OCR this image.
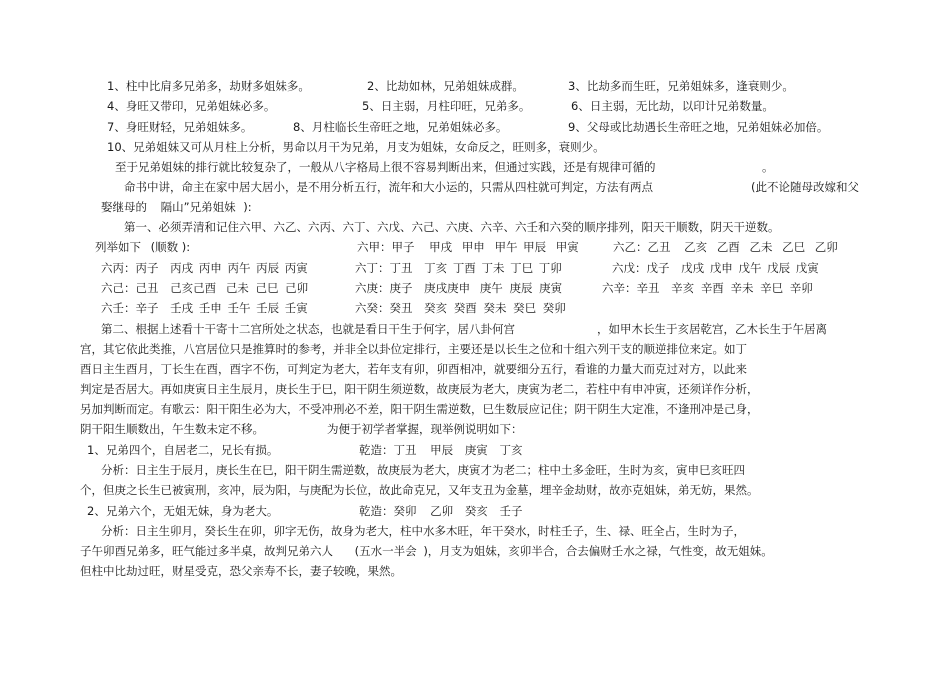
1、柱中比肩多兄弟多，劫财多姐妹多。	2、比劫如林，兄弟姐妹成群。	3、比劫多而生旺，兄弟姐妹多，逢衰则少。
4、身旺又带印，兄弟姐妹必多。	5、日主弱，月柱印旺，兄弟多。	6、日主弱，无比劫，以印计兄弟数量。
7、身旺财轻，兄弟姐妹多。	8、月柱临长生帝旺之地，兄弟姐妹必多。	9、父母或比劫遇长生帝旺之地，兄弟姐妹必加倍。
10、兄弟姐妹又可从月柱上分析，男命以月干为兄弟，月支为姐妹，女命反之，旺则多，衰则少。
至于兄弟姐妹的排行就比较复杂了，一般从八字格局上很不容易判断出来，但通过实践，还是有规律可循的	。
命书中讲，命主在家中居大居小，是不用分析五行，流年和大小运的，只需从四柱就可判定，方法有两点	(此不论随母改嫁和父
娶继母的 隔山”兄弟姐妹 ):
第一、必须弄清和记住六甲、六乙、六丙、六丁、六戊、六己、六庚、六辛、六壬和六癸的顺序排列，阳天干顺数，阴天干逆数。
列举如下 (顺数 ):	六甲：甲子 甲戌 甲申 甲午 甲辰 甲寅	六乙：乙丑 乙亥 乙酉 乙未 乙巳 乙卯
六丙：丙子 丙戌 丙申 丙午 丙辰 丙寅	六丁：丁丑 丁亥 丁酉 丁未 丁巳 丁卯	六戊：戊子 戊戌 戊申 戊午 戊辰 戊寅
六己：己丑 己亥己酉 己未 己巳 己卯	六庚：庚子 庚戌庚申 庚午 庚辰 庚寅	六辛：辛丑 辛亥 辛酉 辛未 辛巳 辛卯
六壬：辛子 壬戌 壬申 壬午 壬辰 壬寅	六癸：癸丑 癸亥 癸酉 癸未 癸巳 癸卯
第二、根据上述看十干寄十二宫所处之状态，也就是看日干生于何字，居八卦何宫	，如甲木长生于亥居乾宫，乙木长生于午居离
宫，其它依此类推，八宫居位只是推算时的参考，并非全以卦位定排行，主要还是以长生之位和十组六列干支的顺逆排位来定。如丁
酉日主生酉月，丁长生在酉，酉字不伤，可判定为老大，若年支有卯，卯酉相冲，就要细分五行，看谁的力量大而克过对方，以此来
判定是否居大。再如庚寅日主生辰月，庚长生于巳，阳干阴生须逆数，故庚辰为老大，庚寅为老二，若柱中有申冲寅，还须详作分析，
另加判断而定。有歌云：阳干阳生必为大，不受冲刑必不差，阳干阴生需逆数，巳生数辰应记住；阴干阴生大定准，不逢刑冲是己身，
阴干阳生顺数出，午生数未定不移。	为便于初学者掌握，现举例说明如下：
1、兄弟四个，自居老二，兄长有损。	乾造：丁丑 甲辰 庚寅 丁亥
分析：日主生于辰月，庚长生在巳，阳干阴生需逆数，故庚辰为老大，庚寅才为老二；柱中土多金旺，生时为亥，寅申巳亥旺四
个，但庚之长生已被寅刑，亥冲，辰为阳，与庚配为长位，故此命克兄，又年支丑为金墓，埋辛金劫财，故亦克姐妹，弟无妨，果然。
2、兄弟六个，无姐无妹，身为老大。	乾造：癸卯 乙卯 癸亥 壬子
分析：日主生卯月，癸长生在卯，卯字无伤，故身为老大，柱中水多木旺，年干癸水，时柱壬子，生、禄、旺全占，生时为子，
子午卯酉兄弟多，旺气能过多半桌，故判兄弟六人 (五水一半会 )，月支为姐妹，亥卯半合，合去偏财壬水之禄，气性变，故无姐妹。
但柱中比劫过旺，财星受克，恐父亲寿不长，妻子较晚，果然。
